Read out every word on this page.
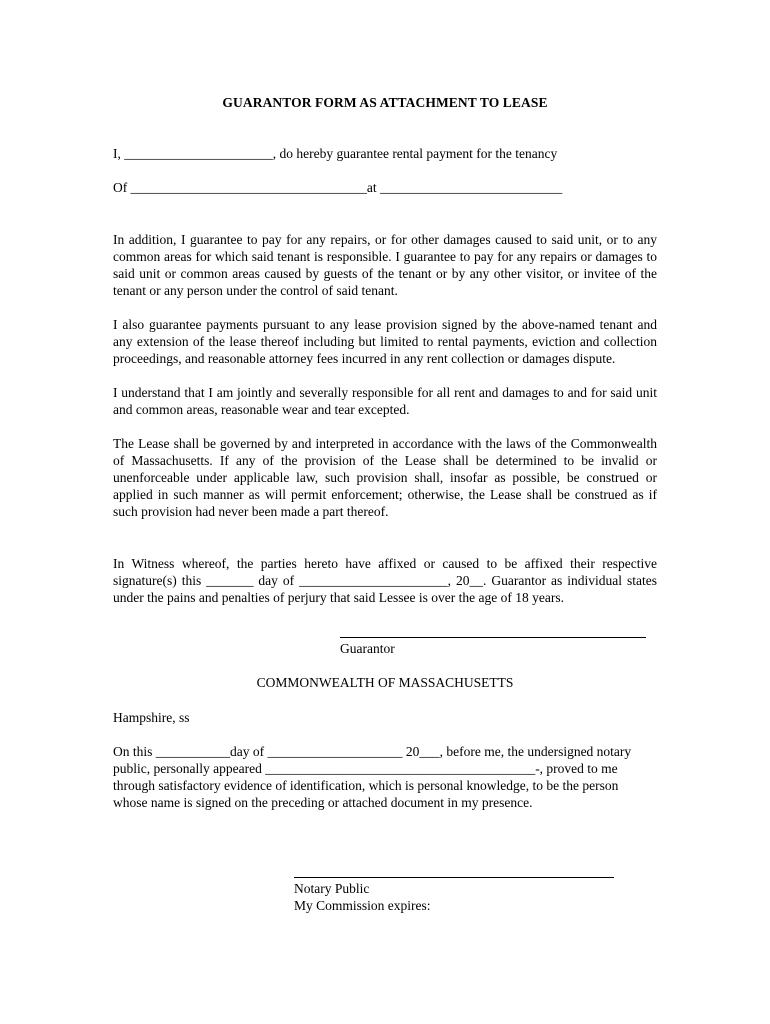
GUARANTOR FORM AS ATTACHMENT TO LEASE

I, ______________________, do hereby guarantee rental payment for the tenancy

Of ___________________________________at ___________________________

In addition, I guarantee to pay for any repairs, or for other damages caused to said unit, or to any common areas for which said tenant is responsible. I guarantee to pay for any repairs or damages to said unit or common areas caused by guests of the tenant or by any other visitor, or invitee of the tenant or any person under the control of said tenant.

I also guarantee payments pursuant to any lease provision signed by the above-named tenant and any extension of the lease thereof including but limited to rental payments, eviction and collection proceedings, and reasonable attorney fees incurred in any rent collection or damages dispute.

I understand that I am jointly and severally responsible for all rent and damages to and for said unit and common areas, reasonable wear and tear excepted.

The Lease shall be governed by and interpreted in accordance with the laws of the Commonwealth of Massachusetts. If any of the provision of the Lease shall be determined to be invalid or unenforceable under applicable law, such provision shall, insofar as possible, be construed or applied in such manner as will permit enforcement; otherwise, the Lease shall be construed as if such provision had never been made a part thereof.

In Witness whereof, the parties hereto have affixed or caused to be affixed their respective signature(s) this _______ day of ______________________, 20__. Guarantor as individual states under the pains and penalties of perjury that said Lessee is over the age of 18 years.

Guarantor

COMMONWEALTH OF MASSACHUSETTS

Hampshire, ss

On this ___________day of ____________________ 20___, before me, the undersigned notary

public, personally appeared ________________________________________-, proved to me

through satisfactory evidence of identification, which is personal knowledge, to be the person

whose name is signed on the preceding or attached document in my presence.

Notary Public

My Commission expires:
